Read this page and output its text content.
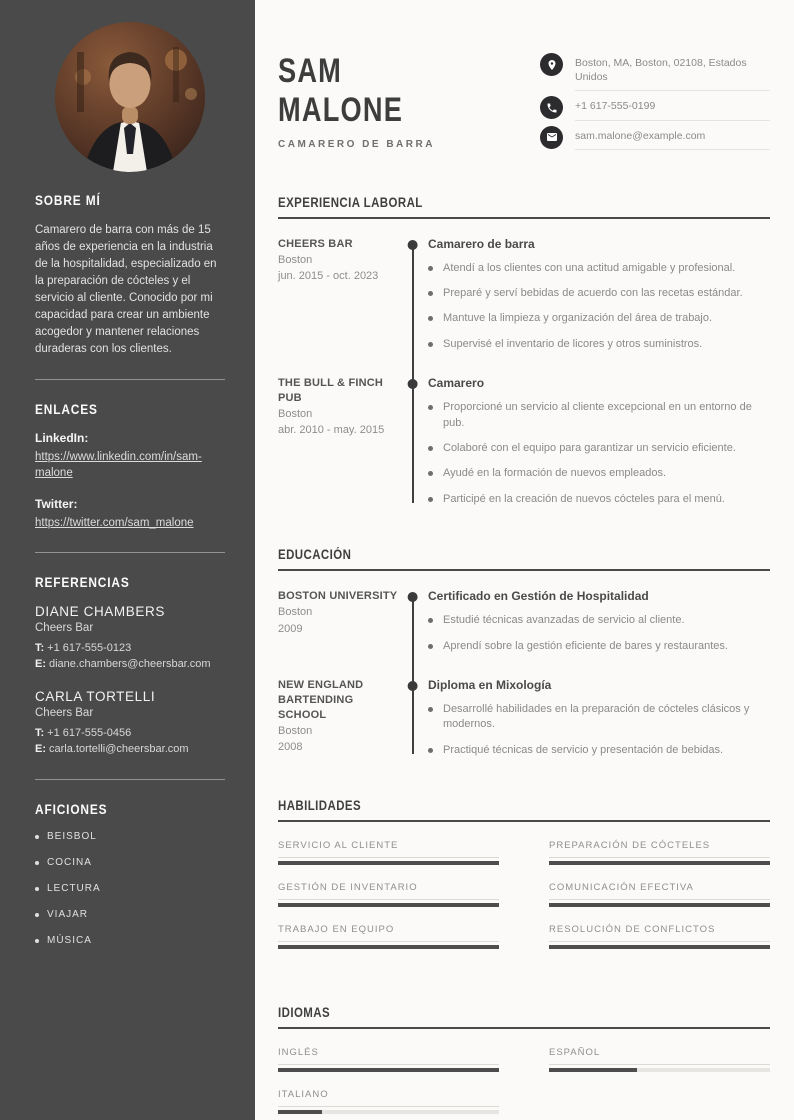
SOBRE MÍ

Camarero de barra con más de 15 años de experiencia en la industria de la hospitalidad, especializado en la preparación de cócteles y el servicio al cliente. Conocido por mi capacidad para crear un ambiente acogedor y mantener relaciones duraderas con los clientes.

ENLACES
LinkedIn:
https://www.linkedin.com/in/sam-malone
Twitter:
https://twitter.com/sam_malone
REFERENCIAS
DIANE CHAMBERS
Cheers Bar
T: +1 617-555-0123
E: diane.chambers@cheersbar.com
CARLA TORTELLI
Cheers Bar
T: +1 617-555-0456
E: carla.tortelli@cheersbar.com
AFICIONES
BEISBOL
COCINA
LECTURA
VIAJAR
MÚSICA
SAM
MALONE
CAMARERO DE BARRA
Boston, MA, Boston, 02108, Estados Unidos
+1 617-555-0199
sam.malone@example.com
EXPERIENCIA LABORAL
CHEERS BAR
Boston
jun. 2015 - oct. 2023
Camarero de barra
Atendí a los clientes con una actitud amigable y profesional.
Preparé y serví bebidas de acuerdo con las recetas estándar.
Mantuve la limpieza y organización del área de trabajo.
Supervisé el inventario de licores y otros suministros.
THE BULL & FINCH PUB
Boston
abr. 2010 - may. 2015
Camarero
Proporcioné un servicio al cliente excepcional en un entorno de pub.
Colaboré con el equipo para garantizar un servicio eficiente.
Ayudé en la formación de nuevos empleados.
Participé en la creación de nuevos cócteles para el menú.
EDUCACIÓN
BOSTON UNIVERSITY
Boston
2009
Certificado en Gestión de Hospitalidad
Estudié técnicas avanzadas de servicio al cliente.
Aprendí sobre la gestión eficiente de bares y restaurantes.
NEW ENGLAND BARTENDING SCHOOL
Boston
2008
Diploma en Mixología
Desarrollé habilidades en la preparación de cócteles clásicos y modernos.
Practiqué técnicas de servicio y presentación de bebidas.
HABILIDADES
SERVICIO AL CLIENTE	PREPARACIÓN DE CÓCTELES
GESTIÓN DE INVENTARIO	COMUNICACIÓN EFECTIVA
TRABAJO EN EQUIPO	RESOLUCIÓN DE CONFLICTOS
IDIOMAS
INGLÉS	ESPAÑOL
ITALIANO
